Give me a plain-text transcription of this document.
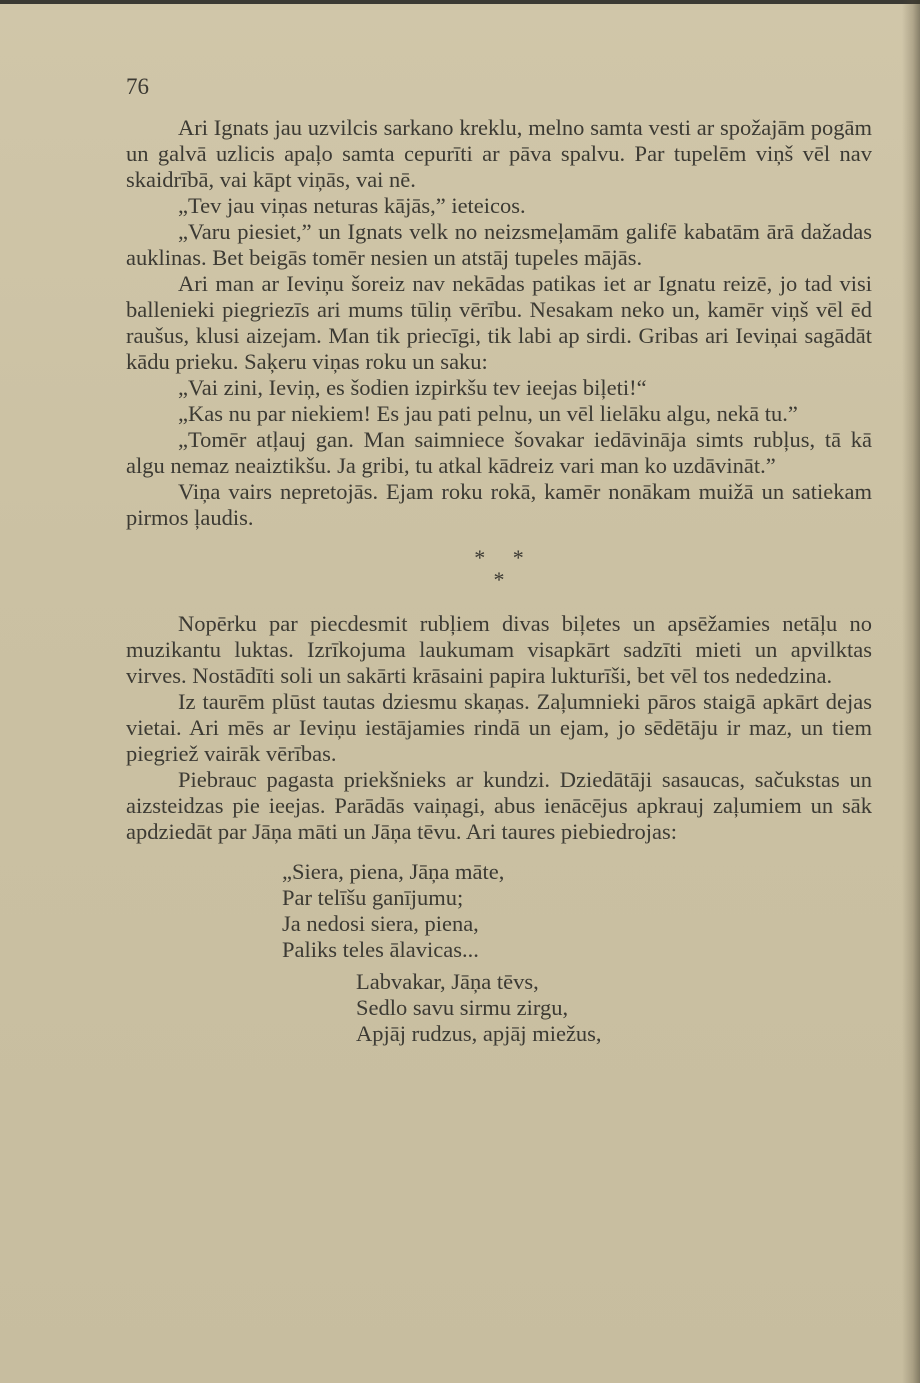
76

Ari Ignats jau uzvilcis sarkano kreklu, melno samta vesti ar spožajām pogām un galvā uzlicis apaļo samta cepurīti ar pāva spalvu. Par tupelēm viņš vēl nav skaidrībā, vai kāpt viņās, vai nē.

„Tev jau viņas neturas kājās,” ieteicos.

„Varu piesiet,” un Ignats velk no neizsmeļamām galifē kabatām ārā dažadas auklinas. Bet beigās tomēr nesien un atstāj tupeles mājās.

Ari man ar Ieviņu šoreiz nav nekādas patikas iet ar Ignatu reizē, jo tad visi ballenieki piegriezīs ari mums tūliņ vērību. Nesakam neko un, kamēr viņš vēl ēd raušus, klusi aizejam. Man tik priecīgi, tik labi ap sirdi. Gribas ari Ieviņai sagādāt kādu prieku. Saķeru viņas roku un saku:

„Vai zini, Ieviņ, es šodien izpirkšu tev ieejas biļeti!“

„Kas nu par niekiem! Es jau pati pelnu, un vēl lielāku algu, nekā tu.”

„Tomēr atļauj gan. Man saimniece šovakar iedāvināja simts rubļus, tā kā algu nemaz neaiztikšu. Ja gribi, tu atkal kādreiz vari man ko uzdāvināt.”

Viņa vairs nepretojās. Ejam roku rokā, kamēr nonākam muižā un satiekam pirmos ļaudis.

*     *
*

Nopērku par piecdesmit rubļiem divas biļetes un apsēžamies netāļu no muzikantu luktas. Izrīkojuma laukumam visapkārt sadzīti mieti un apvilktas virves. Nostādīti soli un sakārti krāsaini papira lukturīši, bet vēl tos nededzina.

Iz taurēm plūst tautas dziesmu skaņas. Zaļumnieki pāros staigā apkārt dejas vietai. Ari mēs ar Ieviņu iestājamies rindā un ejam, jo sēdētāju ir maz, un tiem piegriež vairāk vērības.

Piebrauc pagasta priekšnieks ar kundzi. Dziedātāji sasaucas, sačukstas un aizsteidzas pie ieejas. Parādās vaiņagi, abus ienācējus apkrauj zaļumiem un sāk apdziedāt par Jāņa māti un Jāņa tēvu. Ari taures piebiedrojas:

„Siera, piena, Jāņa māte,
Par telīšu ganījumu;
Ja nedosi siera, piena,
Paliks teles ālavicas...
Labvakar, Jāņa tēvs,
Sedlo savu sirmu zirgu,
Apjāj rudzus, apjāj miežus,
